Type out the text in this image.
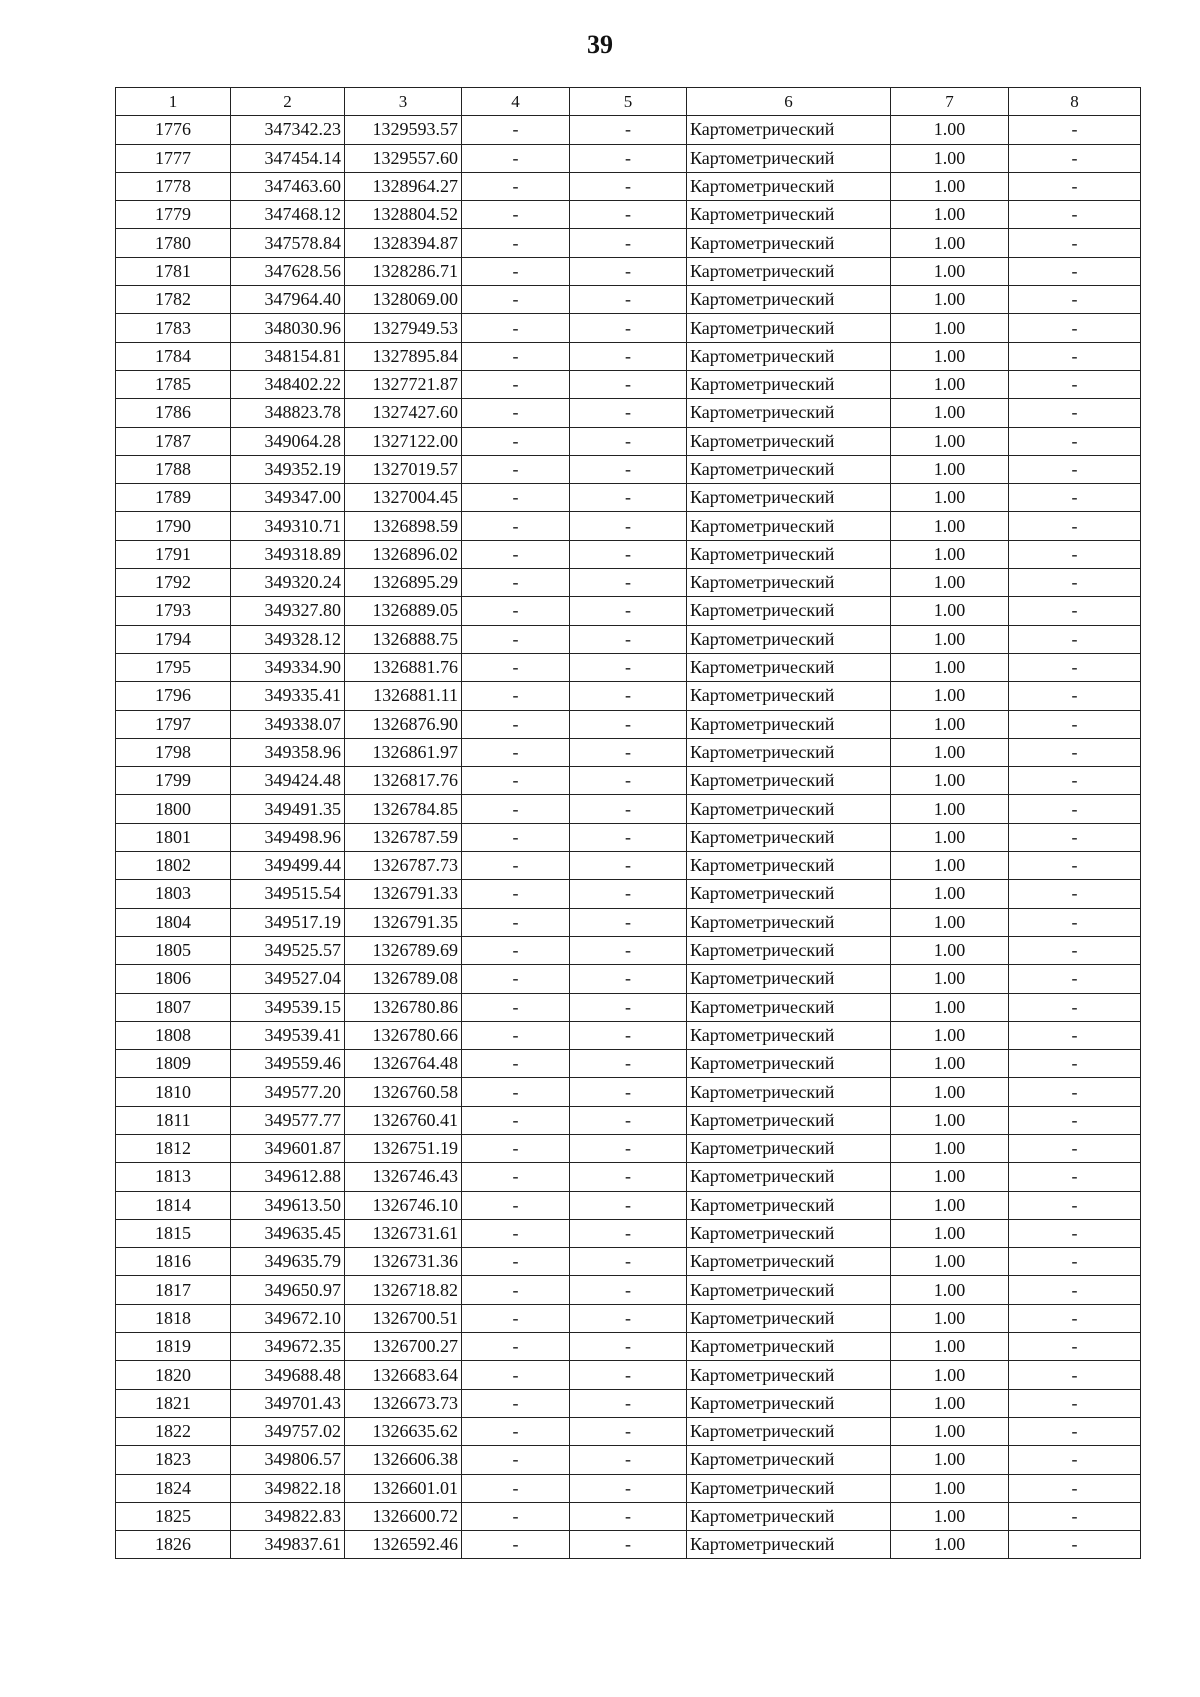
39
1	2	3	4	5	6	7	8
1776	347342.23	1329593.57	-	-	Картометрический	1.00	-
1777	347454.14	1329557.60	-	-	Картометрический	1.00	-
1778	347463.60	1328964.27	-	-	Картометрический	1.00	-
1779	347468.12	1328804.52	-	-	Картометрический	1.00	-
1780	347578.84	1328394.87	-	-	Картометрический	1.00	-
1781	347628.56	1328286.71	-	-	Картометрический	1.00	-
1782	347964.40	1328069.00	-	-	Картометрический	1.00	-
1783	348030.96	1327949.53	-	-	Картометрический	1.00	-
1784	348154.81	1327895.84	-	-	Картометрический	1.00	-
1785	348402.22	1327721.87	-	-	Картометрический	1.00	-
1786	348823.78	1327427.60	-	-	Картометрический	1.00	-
1787	349064.28	1327122.00	-	-	Картометрический	1.00	-
1788	349352.19	1327019.57	-	-	Картометрический	1.00	-
1789	349347.00	1327004.45	-	-	Картометрический	1.00	-
1790	349310.71	1326898.59	-	-	Картометрический	1.00	-
1791	349318.89	1326896.02	-	-	Картометрический	1.00	-
1792	349320.24	1326895.29	-	-	Картометрический	1.00	-
1793	349327.80	1326889.05	-	-	Картометрический	1.00	-
1794	349328.12	1326888.75	-	-	Картометрический	1.00	-
1795	349334.90	1326881.76	-	-	Картометрический	1.00	-
1796	349335.41	1326881.11	-	-	Картометрический	1.00	-
1797	349338.07	1326876.90	-	-	Картометрический	1.00	-
1798	349358.96	1326861.97	-	-	Картометрический	1.00	-
1799	349424.48	1326817.76	-	-	Картометрический	1.00	-
1800	349491.35	1326784.85	-	-	Картометрический	1.00	-
1801	349498.96	1326787.59	-	-	Картометрический	1.00	-
1802	349499.44	1326787.73	-	-	Картометрический	1.00	-
1803	349515.54	1326791.33	-	-	Картометрический	1.00	-
1804	349517.19	1326791.35	-	-	Картометрический	1.00	-
1805	349525.57	1326789.69	-	-	Картометрический	1.00	-
1806	349527.04	1326789.08	-	-	Картометрический	1.00	-
1807	349539.15	1326780.86	-	-	Картометрический	1.00	-
1808	349539.41	1326780.66	-	-	Картометрический	1.00	-
1809	349559.46	1326764.48	-	-	Картометрический	1.00	-
1810	349577.20	1326760.58	-	-	Картометрический	1.00	-
1811	349577.77	1326760.41	-	-	Картометрический	1.00	-
1812	349601.87	1326751.19	-	-	Картометрический	1.00	-
1813	349612.88	1326746.43	-	-	Картометрический	1.00	-
1814	349613.50	1326746.10	-	-	Картометрический	1.00	-
1815	349635.45	1326731.61	-	-	Картометрический	1.00	-
1816	349635.79	1326731.36	-	-	Картометрический	1.00	-
1817	349650.97	1326718.82	-	-	Картометрический	1.00	-
1818	349672.10	1326700.51	-	-	Картометрический	1.00	-
1819	349672.35	1326700.27	-	-	Картометрический	1.00	-
1820	349688.48	1326683.64	-	-	Картометрический	1.00	-
1821	349701.43	1326673.73	-	-	Картометрический	1.00	-
1822	349757.02	1326635.62	-	-	Картометрический	1.00	-
1823	349806.57	1326606.38	-	-	Картометрический	1.00	-
1824	349822.18	1326601.01	-	-	Картометрический	1.00	-
1825	349822.83	1326600.72	-	-	Картометрический	1.00	-
1826	349837.61	1326592.46	-	-	Картометрический	1.00	-
